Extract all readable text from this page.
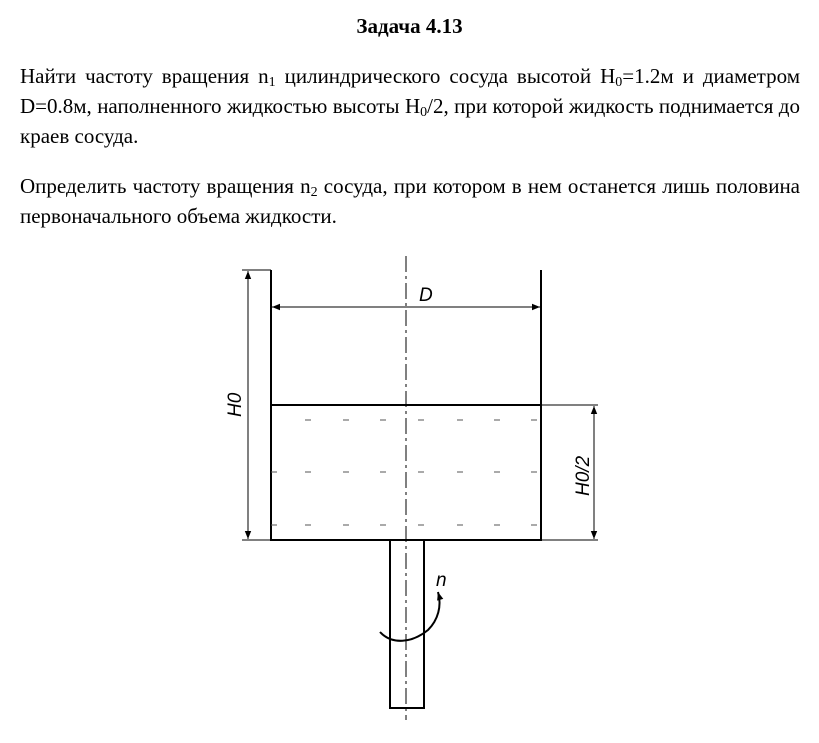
Задача 4.13

Найти частоту вращения $n_1$ цилиндрического сосуда высотой $H_0=1.2м$ и диаметром D=0.8м, наполненного жидкостью высоты $H_0/2$, при которой жидкость поднимается до краев сосуда.

Определить частоту вращения $n_2$ сосуда, при котором в нем останется лишь половина первоначального объема жидкости.

D
H0
H0/2
n
